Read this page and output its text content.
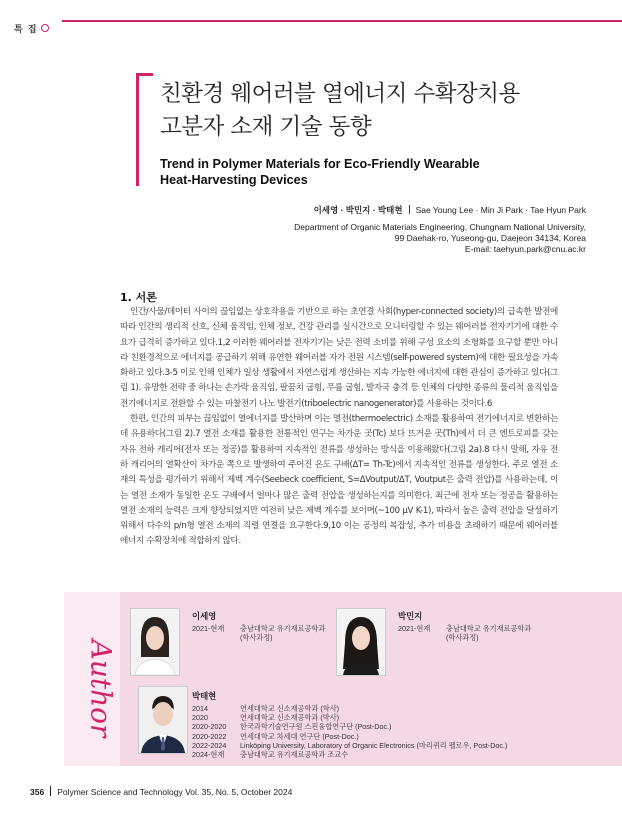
특 집
친환경 웨어러블 열에너지 수확장치용
고분자 소재 기술 동향
Trend in Polymer Materials for Eco-Friendly Wearable
Heat-Harvesting Devices
이세영 · 박민지 · 박태현 Sae Young Lee · Min Ji Park · Tae Hyun Park
Department of Organic Materials Engineering, Chungnam National University,
99 Daehak-ro, Yuseong-gu, Daejeon 34134, Korea
E-mail: taehyun.park@cnu.ac.kr
1. 서론

인간/사물/데이터 사이의 끊임없는 상호작용을 기반으로 하는 초연결 사회(hyper-connected society)의 급속한 발전에 따라 인간의 생리적 신호, 신체 움직임, 인체 정보, 건강 관리를 실시간으로 모니터링할 수 있는 웨어러블 전자기기에 대한 수요가 급격히 증가하고 있다.1,2 이러한 웨어러블 전자기기는 낮은 전력 소비를 위해 구성 요소의 소형화를 요구할 뿐만 아니라 친환경적으로 에너지를 공급하기 위해 유연한 웨어러블 자가 전원 시스템(self-powered system)에 대한 필요성을 가속화하고 있다.3-5 이로 인해 인체가 일상 생활에서 자연스럽게 생산하는 지속 가능한 에너지에 대한 관심이 증가하고 있다(그림 1). 유망한 전략 중 하나는 손가락 움직임, 팔꿈치 굽힘, 무릎 굽힘, 발자국 충격 등 인체의 다양한 종류의 물리적 움직임을 전기에너지로 전환할 수 있는 마찰전기 나노 발전기(triboelectric nanogenerator)를 사용하는 것이다.6

한편, 인간의 피부는 끊임없이 열에너지를 발산하며 이는 열전(thermoelectric) 소재를 활용하여 전기에너지로 변환하는데 유용하다(그림 2).7 열전 소재를 활용한 전통적인 연구는 차가운 곳(Tc) 보다 뜨거운 곳(Th)에서 더 큰 엔트로피를 갖는 자유 전하 캐리어(전자 또는 정공)를 활용하여 지속적인 전류를 생성하는 방식을 이용해왔다(그림 2a).8 다시 말해, 자유 전하 캐리어의 열확산이 차가운 쪽으로 발생하여 주어진 온도 구배(ΔT= Th-Tc)에서 지속적인 전류를 생성한다. 주로 열전 소재의 특성을 평가하기 위해서 제벡 계수(Seebeck coefficient, S=ΔVoutput/ΔT, Voutput은 출력 전압)를 사용하는데, 이는 열전 소재가 동일한 온도 구배에서 얼마나 많은 출력 전압을 생성하는지를 의미한다. 최근에 전자 또는 정공을 활용하는 열전 소재의 능력은 크게 향상되었지만 여전히 낮은 제벡 계수를 보이며(~100 μV K-1), 따라서 높은 출력 전압을 달성하기 위해서 다수의 p/n형 열전 소재의 직렬 연결을 요구한다.9,10 이는 공정의 복잡성, 추가 비용을 초래하기 때문에 웨어러블 에너지 수확장치에 적합하지 않다.

Author
이세영
2021-현재 충남대학교 유기재료공학과
(학사과정)
박민지
2021-현재 충남대학교 유기재료공학과
(학사과정)
박태현
2014	연세대학교 신소재공학과 (학사)
2020	연세대학교 신소재공학과 (박사)
2020-2020 한국과학기술연구원 스핀융합연구단 (Post-Doc.)
2020-2022 연세대학교 차세대 연구단 (Post-Doc.)
2022-2024 Linköping University, Laboratory of Organic Electronics (마리퀴리 펠로우, Post-Doc.)
2024-현재 충남대학교 유기재료공학과 조교수
356 Polymer Science and Technology Vol. 35, No. 5, October 2024
